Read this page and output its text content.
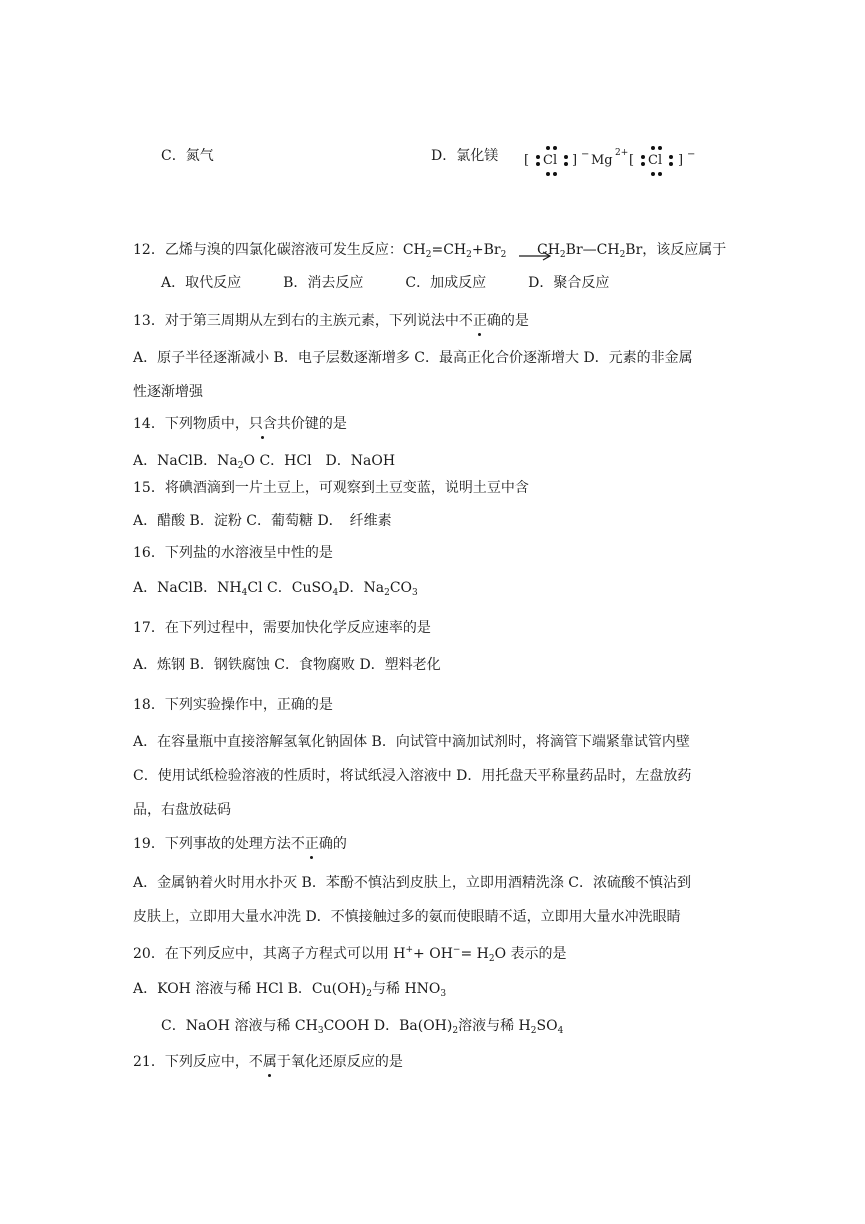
C．氮气	D．氯化镁 [ Cl ] − Mg 2+ [ Cl ] −
12．乙烯与溴的四氯化碳溶液可发生反应：$CH_2=CH_2+Br_2$ →
$CH_2Br—CH_2Br$，该反应属于
A．取代反应　　　B．消去反应　　　C．加成反应　　　D．聚合反应
13．对于第三周期从左到右的主族元素，下列说法中不正确的是
A．原子半径逐渐减小 B．电子层数逐渐增多 C．最高正化合价逐渐增大 D．元素的非金属
性逐渐增强
14．下列物质中，只含共价键的是
A．NaClB．$Na_2O$ C．HCl　D．NaOH
15．将碘酒滴到一片土豆上，可观察到土豆变蓝，说明土豆中含
A．醋酸 B．淀粉 C．葡萄糖 D．　纤维素
16．下列盐的水溶液呈中性的是
A．NaClB．$NH_4Cl$ C．CuSO$_4$D．$Na_2CO_3$
17．在下列过程中，需要加快化学反应速率的是
A．炼钢 B．钢铁腐蚀 C．食物腐败 D．塑料老化
18．下列实验操作中，正确的是
A．在容量瓶中直接溶解氢氧化钠固体 B．向试管中滴加试剂时，将滴管下端紧靠试管内壁
C．使用试纸检验溶液的性质时，将试纸浸入溶液中 D．用托盘天平称量药品时，左盘放药
品，右盘放砝码
19．下列事故的处理方法不正确的
A．金属钠着火时用水扑灭 B．苯酚不慎沾到皮肤上，立即用酒精洗涤 C．浓硫酸不慎沾到
皮肤上，立即用大量水冲洗 D．不慎接触过多的氨而使眼睛不适，立即用大量水冲洗眼睛
20．在下列反应中，其离子方程式可以用 $H^++ OH^-= H_2O$ 表示的是
A．KOH 溶液与稀 HCl B．$Cu(OH)_2$与稀 $HNO_3$
C．NaOH 溶液与稀 $CH_3COOH$ D．$Ba(OH)_2$溶液与稀 $H_2SO_4$
21．下列反应中，不属于氧化还原反应的是
